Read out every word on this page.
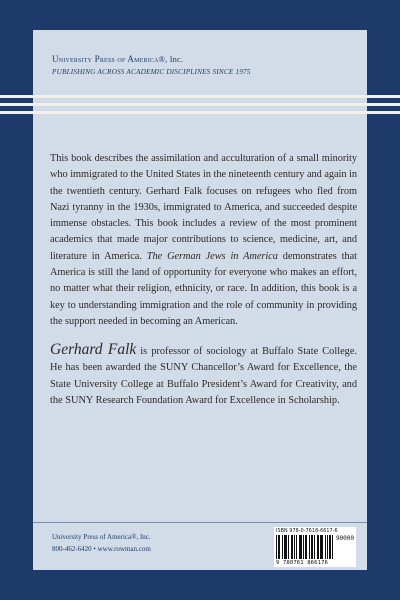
University Press of America®, Inc.
PUBLISHING ACROSS ACADEMIC DISCIPLINES SINCE 1975

This book describes the assimilation and acculturation of a small minority who immigrated to the United States in the nineteenth century and again in the twentieth century. Gerhard Falk focuses on refugees who fled from Nazi tyranny in the 1930s, immigrated to America, and succeeded despite immense obstacles. This book includes a review of the most prominent academics that made major contributions to science, medicine, art, and literature in America. The German Jews in America demonstrates that America is still the land of opportunity for everyone who makes an effort, no matter what their religion, ethnicity, or race. In addition, this book is a key to understanding immigration and the role of community in providing the support needed in becoming an American.

Gerhard Falk is professor of sociology at Buffalo State College. He has been awarded the SUNY Chancellor’s Award for Excellence, the State University College at Buffalo President’s Award for Creativity, and the SUNY Research Foundation Award for Excellence in Scholarship.
University Press of America®, Inc.
800-462-6420 • www.rowman.com
ISBN 978-0-7618-6617-6
90000
9 780761 866176
